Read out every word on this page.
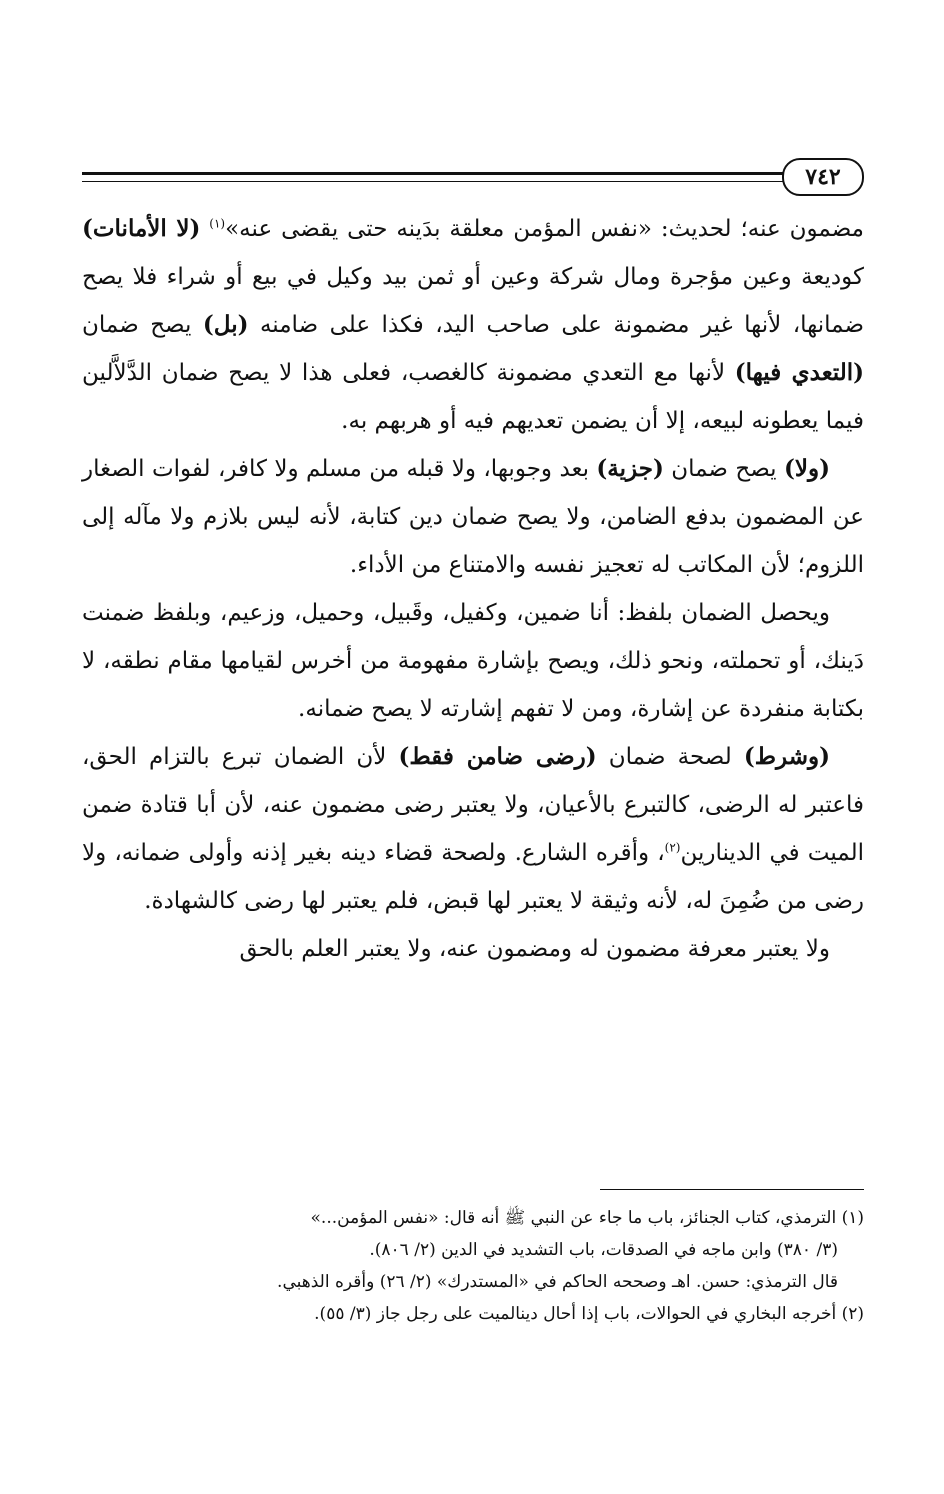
٧٤٢

مضمون عنه؛ لحديث: «نفس المؤمن معلقة بدَينه حتى يقضى عنه»$^{(١)}$ (لا الأمانات) كوديعة وعين مؤجرة ومال شركة وعين أو ثمن بيد وكيل في بيع أو شراء فلا يصح ضمانها، لأنها غير مضمونة على صاحب اليد، فكذا على ضامنه (بل) يصح ضمان (التعدي فيها) لأنها مع التعدي مضمونة كالغصب، فعلى هذا لا يصح ضمان الدَّلاَّلين فيما يعطونه لبيعه، إلا أن يضمن تعديهم فيه أو هربهم به.

(ولا) يصح ضمان (جزية) بعد وجوبها، ولا قبله من مسلم ولا كافر، لفوات الصغار عن المضمون بدفع الضامن، ولا يصح ضمان دين كتابة، لأنه ليس بلازم ولا مآله إلى اللزوم؛ لأن المكاتب له تعجيز نفسه والامتناع من الأداء.

ويحصل الضمان بلفظ: أنا ضمين، وكفيل، وقَبيل، وحميل، وزعيم، وبلفظ ضمنت دَينك، أو تحملته، ونحو ذلك، ويصح بإشارة مفهومة من أخرس لقيامها مقام نطقه، لا بكتابة منفردة عن إشارة، ومن لا تفهم إشارته لا يصح ضمانه.

(وشرط) لصحة ضمان (رضى ضامن فقط) لأن الضمان تبرع بالتزام الحق، فاعتبر له الرضى، كالتبرع بالأعيان، ولا يعتبر رضى مضمون عنه، لأن أبا قتادة ضمن الميت في الدينارين$^{(٢)}$، وأقره الشارع. ولصحة قضاء دينه بغير إذنه وأولى ضمانه، ولا رضى من ضُمِنَ له، لأنه وثيقة لا يعتبر لها قبض، فلم يعتبر لها رضى كالشهادة.

ولا يعتبر معرفة مضمون له ومضمون عنه، ولا يعتبر العلم بالحق

(١) الترمذي، كتاب الجنائز، باب ما جاء عن النبي ﷺ أنه قال: «نفس المؤمن...»

(٣/ ٣٨٠) وابن ماجه في الصدقات، باب التشديد في الدين (٢/ ٨٠٦).

قال الترمذي: حسن. اهـ وصححه الحاكم في «المستدرك» (٢/ ٢٦) وأقره الذهبي.

(٢) أخرجه البخاري في الحوالات، باب إذا أحال دينالميت على رجل جاز (٣/ ٥٥).
